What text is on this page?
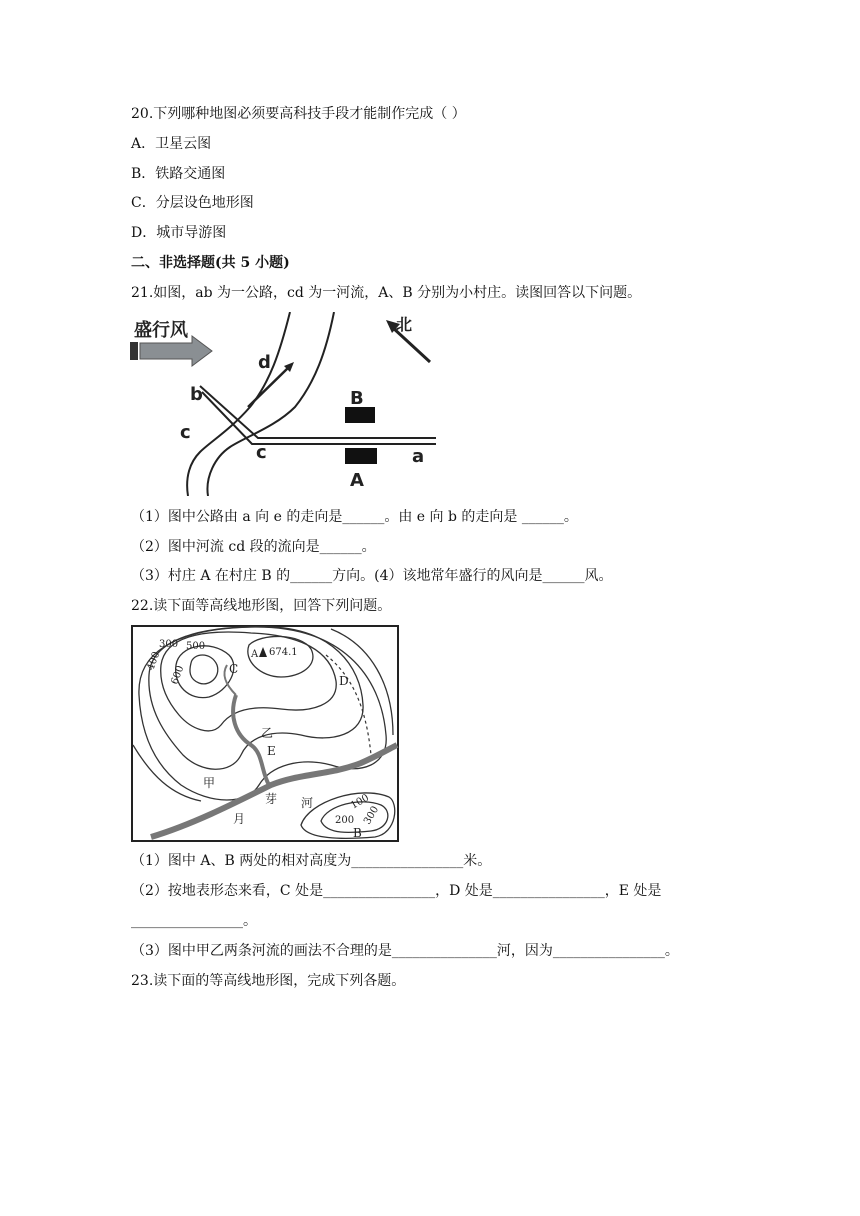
20.下列哪种地图必须要高科技手段才能制作完成（ ）
A．卫星云图
B．铁路交通图
C．分层设色地形图
D．城市导游图
二、非选择题(共 5 小题)
21.如图，ab 为一公路，cd 为一河流，A、B 分别为小村庄。读图回答以下问题。
盛行风	北
d
b
c
c
B
A
a
（1）图中公路由 a 向 e 的走向是______。由 e 向 b 的走向是 ______。
（2）图中河流 cd 段的流向是______。
（3）村庄 A 在村庄 B 的______方向。(4）该地常年盛行的风向是______风。
22.读下面等高线地形图，回答下列问题。
300 500
400
600
100
200 300
A 674.1
C
D
E
B
乙
甲
芽 河
月
（1）图中 A、B 两处的相对高度为________________米。
（2）按地表形态来看，C 处是________________，D 处是________________，E 处是
________________。
（3）图中甲乙两条河流的画法不合理的是_______________河，因为________________。
23.读下面的等高线地形图，完成下列各题。
